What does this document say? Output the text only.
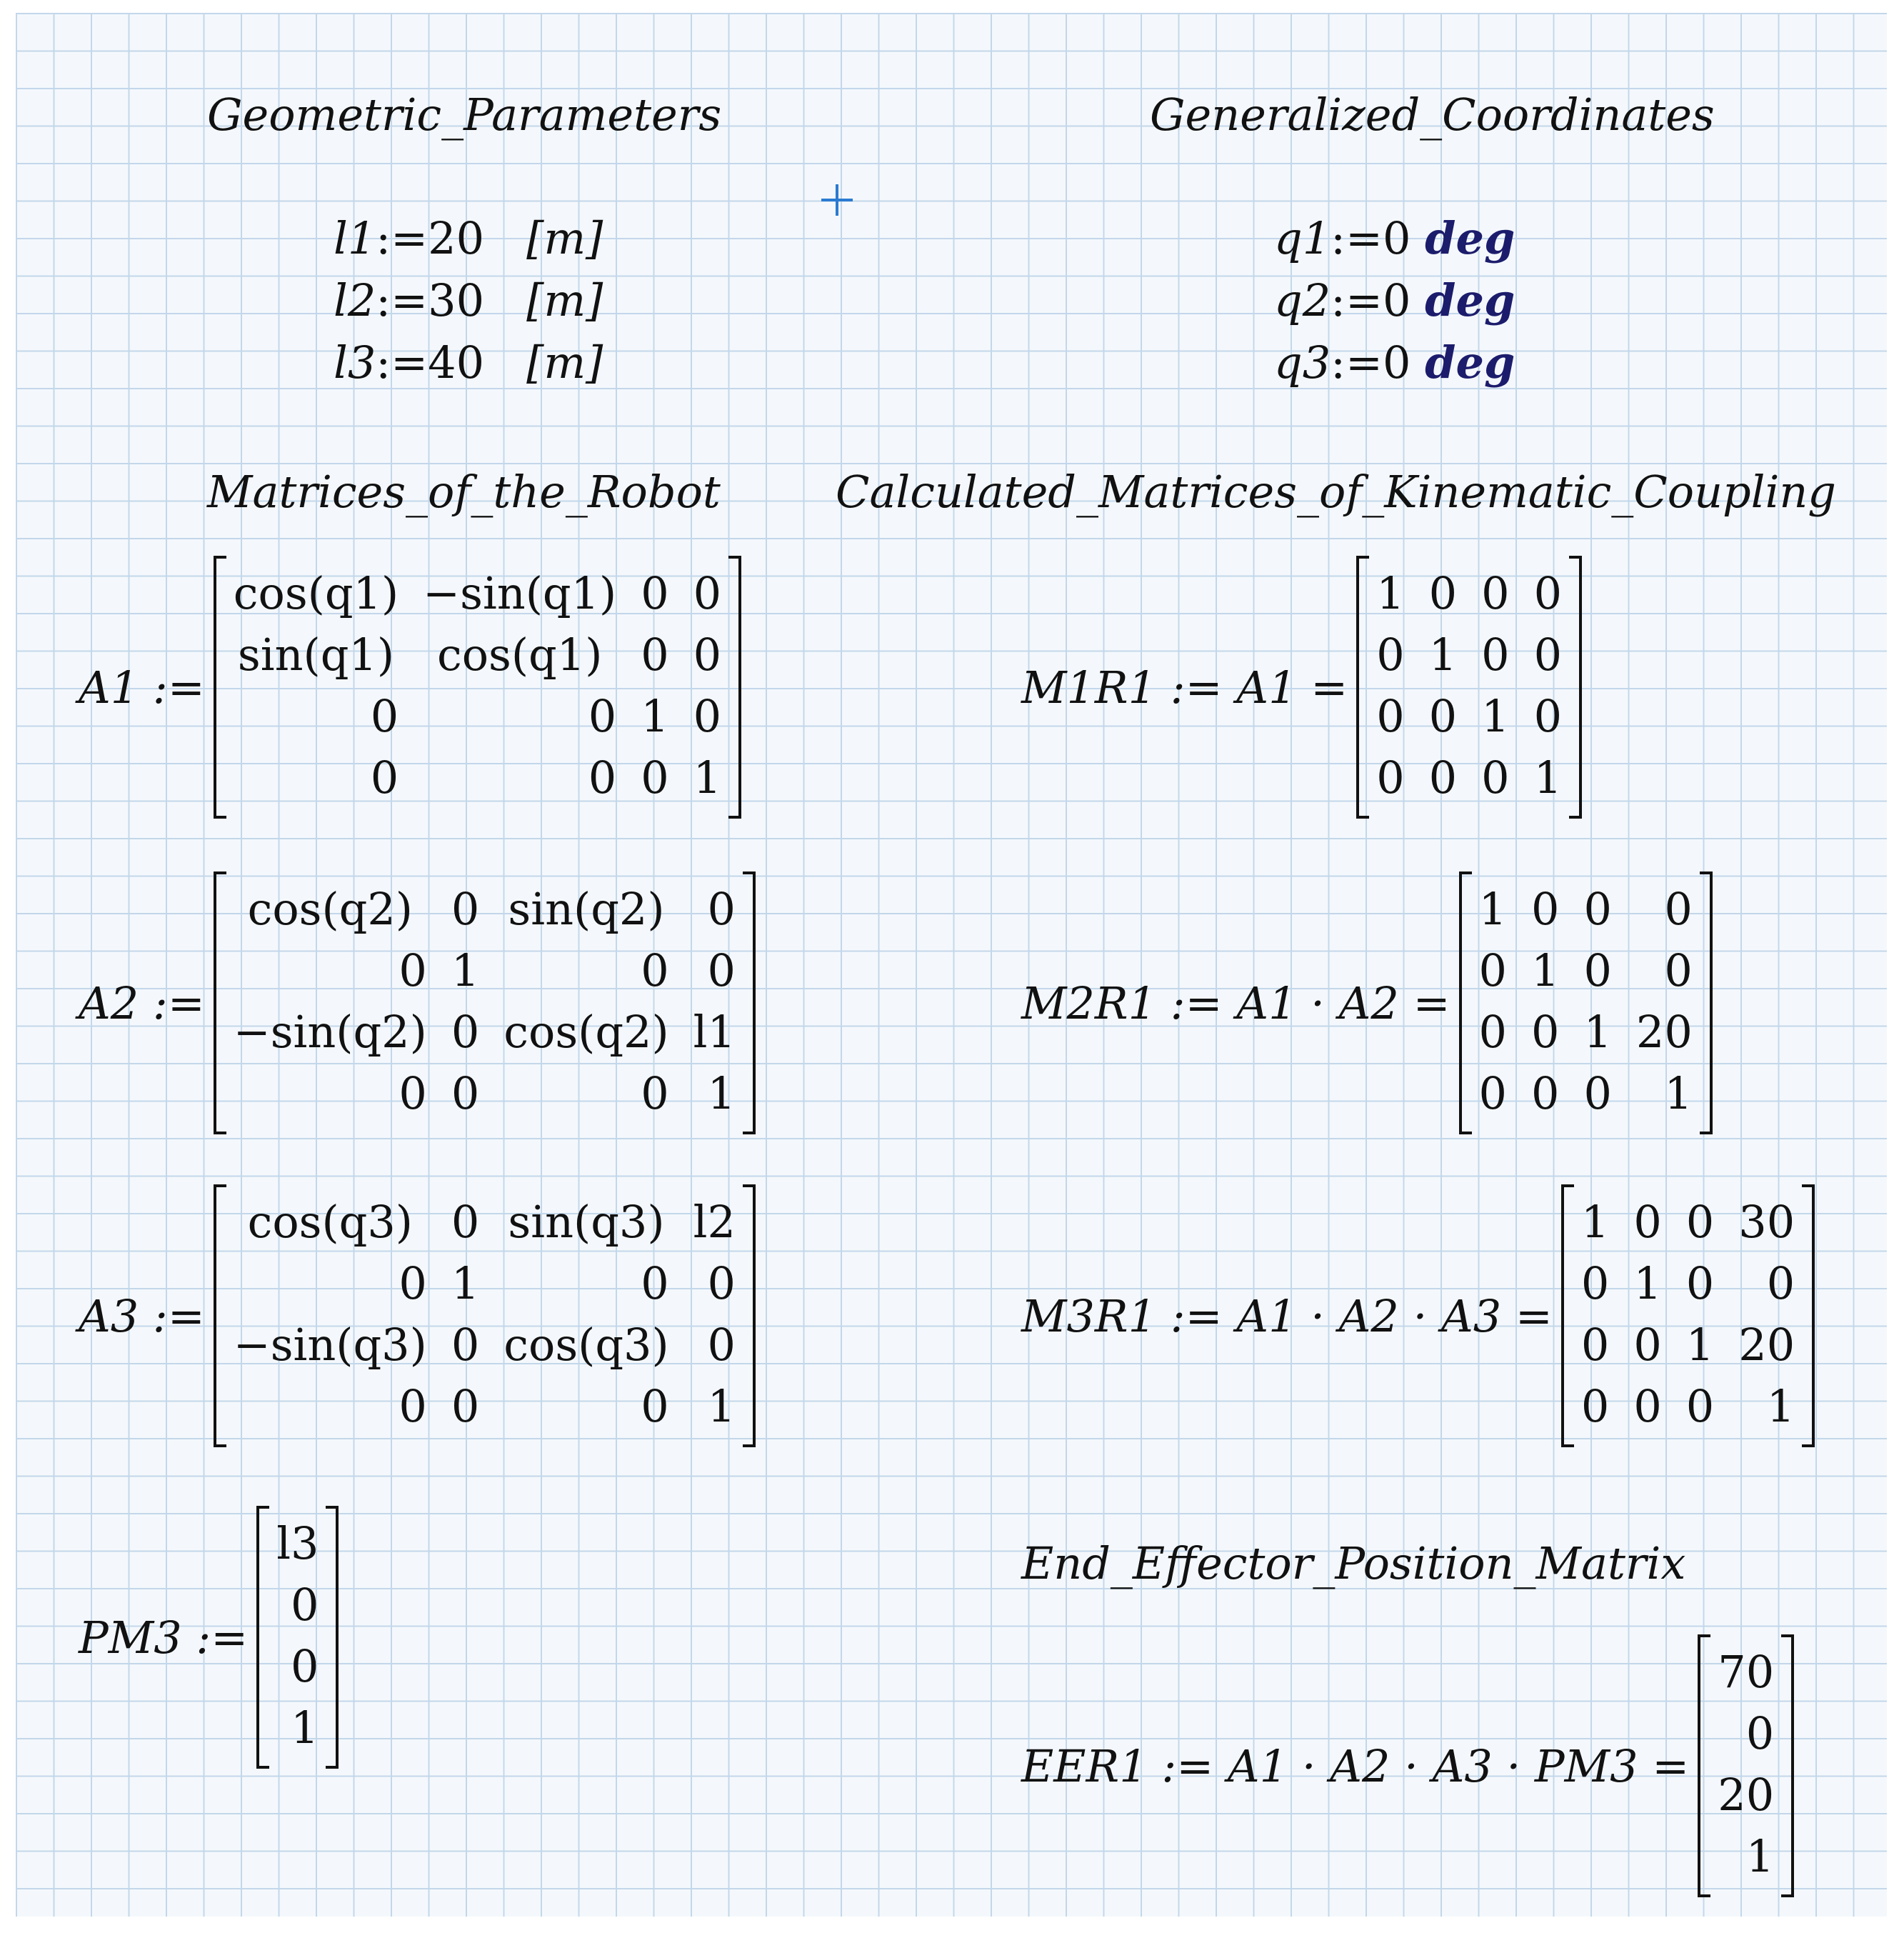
Geometric_Parameters	Generalized_Coordinates
l1:=20 [m]
l2:=30 [m]
l3:=40 [m]
q1:=0 deg
q2:=0 deg
q3:=0 deg
Matrices_of_the_Robot	Calculated_Matrices_of_Kinematic_Coupling
A1 :=
cos(q1) −sin(q1) 0 0
sin(q1) cos(q1) 0 0
0	0 1 0
0	0 0 1
A2 :=
cos(q2) 0 sin(q2) 0
0 1	0 0
−sin(q2) 0 cos(q2) l1
0 0	0 1
A3 :=
cos(q3) 0 sin(q3) l2
0 1	0 0
−sin(q3) 0 cos(q3) 0
0 0	0 1
PM3 :=
l3
0
0
1
M1R1 := A1 =
1 0 0 0
0 1 0 0
0 0 1 0
0 0 0 1
M2R1 := A1 · A2 =
1 0 0	0
0 1 0	0
0 0 1 20
0 0 0	1
M3R1 := A1 · A2 · A3 =
1 0 0 30
0 1 0	0
0 0 1 20
0 0 0	1
End_Effector_Position_Matrix
EER1 := A1 · A2 · A3 · PM3 =
70
0
20
1
